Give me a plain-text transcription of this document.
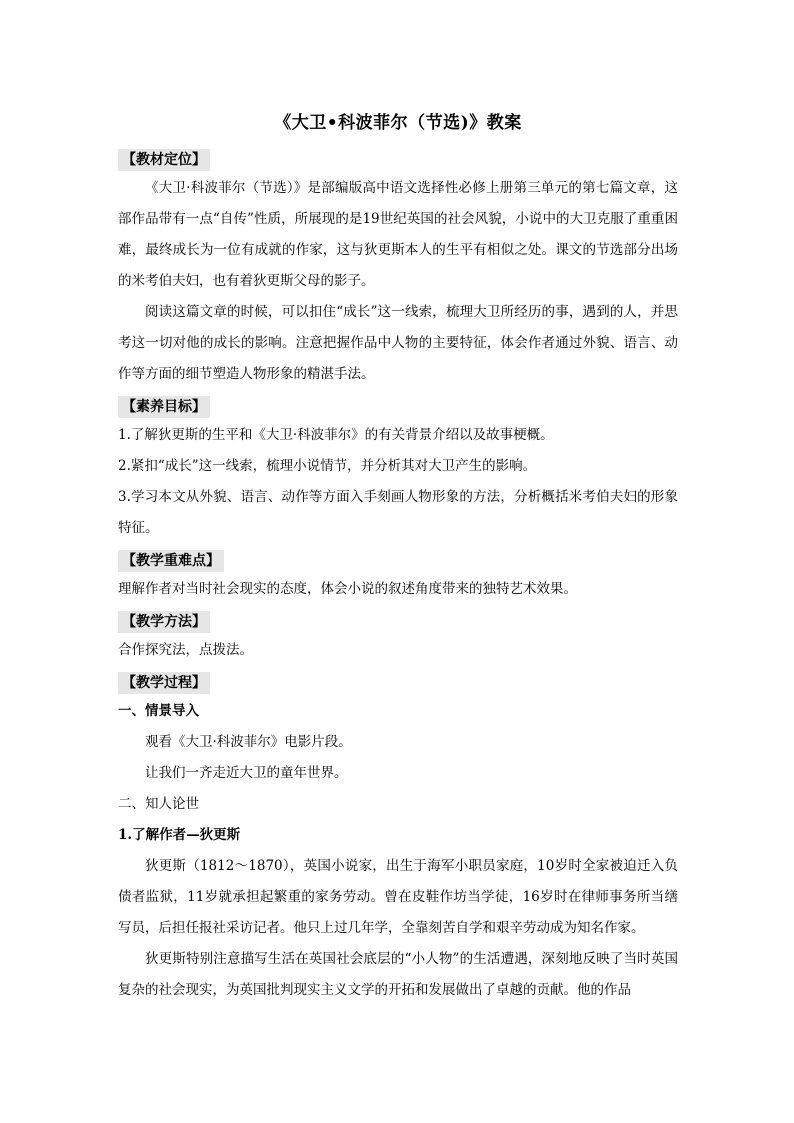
《大卫•科波菲尔（节选)》教案
【教材定位】

《大卫·科波菲尔（节选）》是部编版高中语文选择性必修上册第三单元的第七篇文章，这部作品带有一点“自传”性质，所展现的是19世纪英国的社会风貌，小说中的大卫克服了重重困难，最终成长为一位有成就的作家，这与狄更斯本人的生平有相似之处。课文的节选部分出场的米考伯夫妇，也有着狄更斯父母的影子。

阅读这篇文章的时候，可以扣住“成长”这一线索，梳理大卫所经历的事，遇到的人，并思考这一切对他的成长的影响。注意把握作品中人物的主要特征，体会作者通过外貌、语言、动作等方面的细节塑造人物形象的精湛手法。

【素养目标】

1.了解狄更斯的生平和《大卫·科波菲尔》的有关背景介绍以及故事梗概。

2.紧扣“成长”这一线索，梳理小说情节，并分析其对大卫产生的影响。

3.学习本文从外貌、语言、动作等方面入手刻画人物形象的方法，分析概括米考伯夫妇的形象特征。

【教学重难点】

理解作者对当时社会现实的态度，体会小说的叙述角度带来的独特艺术效果。

【教学方法】

合作探究法，点拨法。

【教学过程】
一、情景导入

观看《大卫·科波菲尔》电影片段。

让我们一齐走近大卫的童年世界。

二、知人论世
1.了解作者—狄更斯

狄更斯（1812～1870），英国小说家，出生于海军小职员家庭，10岁时全家被迫迁入负债者监狱，11岁就承担起繁重的家务劳动。曾在皮鞋作坊当学徒，16岁时在律师事务所当缮写员，后担任报社采访记者。他只上过几年学，全靠刻苦自学和艰辛劳动成为知名作家。

狄更斯特别注意描写生活在英国社会底层的“小人物”的生活遭遇，深刻地反映了当时英国复杂的社会现实，为英国批判现实主义文学的开拓和发展做出了卓越的贡献。他的作品
